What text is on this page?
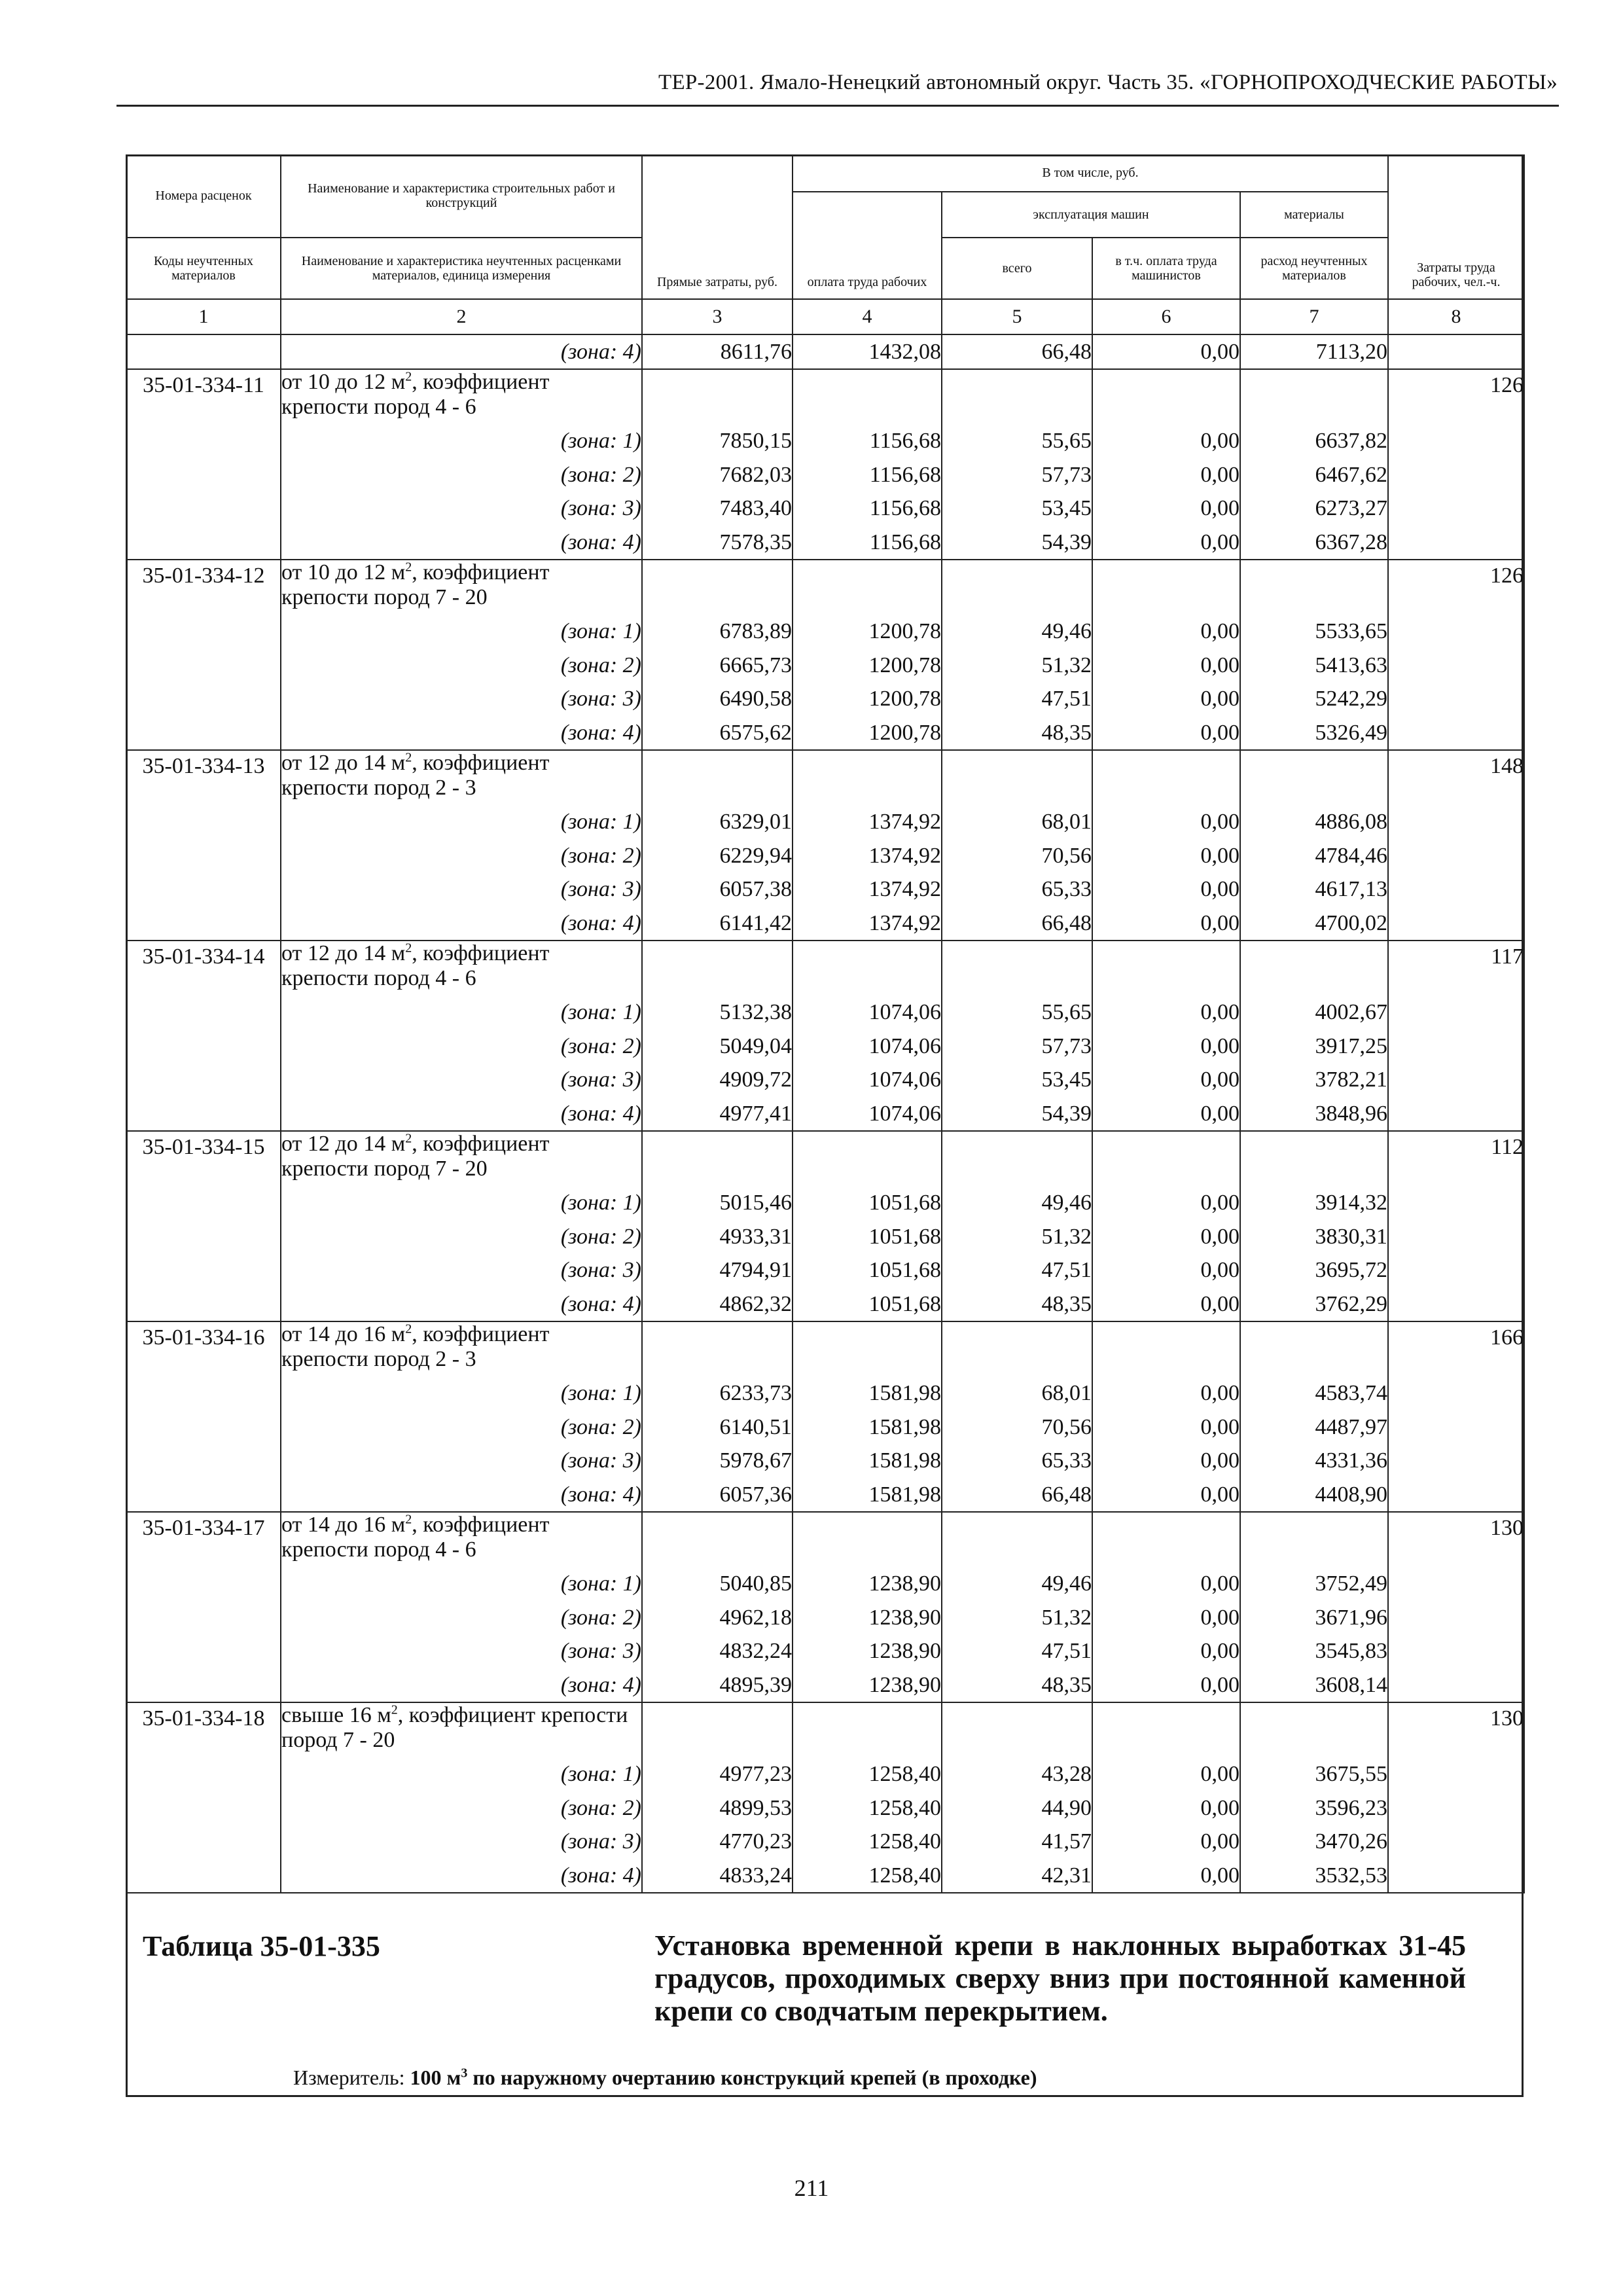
ТЕР-2001. Ямало-Ненецкий автономный округ. Часть 35. «ГОРНОПРОХОДЧЕСКИЕ РАБОТЫ»
Номера расценок	Наименование и характеристика строительных работ и конструкций	Прямые затраты, руб.	В том числе, руб.				Затраты труда рабочих, чел.-ч.
			оплата труда рабочих	эксплуатация машин		материалы	
Коды неучтенных материалов	Наименование и характеристика неучтенных расценками материалов, единица измерения			всего	в т.ч. оплата труда машинистов	расход неучтенных материалов	
1	2	3	4	5	6	7	8
	(зона: 4)	8611,76	1432,08	66,48	0,00	7113,20	
35-01-334-11	от 10 до 12 $м^2$, коэффициент крепости пород 4 - 6						126
	(зона: 1)	7850,15	1156,68	55,65	0,00	6637,82	
	(зона: 2)	7682,03	1156,68	57,73	0,00	6467,62	
	(зона: 3)	7483,40	1156,68	53,45	0,00	6273,27	
	(зона: 4)	7578,35	1156,68	54,39	0,00	6367,28	
35-01-334-12	от 10 до 12 $м^2$, коэффициент крепости пород 7 - 20						126
	(зона: 1)	6783,89	1200,78	49,46	0,00	5533,65	
	(зона: 2)	6665,73	1200,78	51,32	0,00	5413,63	
	(зона: 3)	6490,58	1200,78	47,51	0,00	5242,29	
	(зона: 4)	6575,62	1200,78	48,35	0,00	5326,49	
35-01-334-13	от 12 до 14 $м^2$, коэффициент крепости пород 2 - 3						148
	(зона: 1)	6329,01	1374,92	68,01	0,00	4886,08	
	(зона: 2)	6229,94	1374,92	70,56	0,00	4784,46	
	(зона: 3)	6057,38	1374,92	65,33	0,00	4617,13	
	(зона: 4)	6141,42	1374,92	66,48	0,00	4700,02	
35-01-334-14	от 12 до 14 $м^2$, коэффициент крепости пород 4 - 6						117
	(зона: 1)	5132,38	1074,06	55,65	0,00	4002,67	
	(зона: 2)	5049,04	1074,06	57,73	0,00	3917,25	
	(зона: 3)	4909,72	1074,06	53,45	0,00	3782,21	
	(зона: 4)	4977,41	1074,06	54,39	0,00	3848,96	
35-01-334-15	от 12 до 14 $м^2$, коэффициент крепости пород 7 - 20						112
	(зона: 1)	5015,46	1051,68	49,46	0,00	3914,32	
	(зона: 2)	4933,31	1051,68	51,32	0,00	3830,31	
	(зона: 3)	4794,91	1051,68	47,51	0,00	3695,72	
	(зона: 4)	4862,32	1051,68	48,35	0,00	3762,29	
35-01-334-16	от 14 до 16 $м^2$, коэффициент крепости пород 2 - 3						166
	(зона: 1)	6233,73	1581,98	68,01	0,00	4583,74	
	(зона: 2)	6140,51	1581,98	70,56	0,00	4487,97	
	(зона: 3)	5978,67	1581,98	65,33	0,00	4331,36	
	(зона: 4)	6057,36	1581,98	66,48	0,00	4408,90	
35-01-334-17	от 14 до 16 $м^2$, коэффициент крепости пород 4 - 6						130
	(зона: 1)	5040,85	1238,90	49,46	0,00	3752,49	
	(зона: 2)	4962,18	1238,90	51,32	0,00	3671,96	
	(зона: 3)	4832,24	1238,90	47,51	0,00	3545,83	
	(зона: 4)	4895,39	1238,90	48,35	0,00	3608,14	
35-01-334-18	свыше 16 $м^2$, коэффициент крепости пород 7 - 20						130
	(зона: 1)	4977,23	1258,40	43,28	0,00	3675,55	
	(зона: 2)	4899,53	1258,40	44,90	0,00	3596,23	
	(зона: 3)	4770,23	1258,40	41,57	0,00	3470,26	
	(зона: 4)	4833,24	1258,40	42,31	0,00	3532,53	

Таблица 35-01-335	Установка временной крепи в наклонных выработках 31-45 градусов, проходимых сверху вниз при постоянной каменной крепи со сводчатым перекрытием.
Измеритель: 100 $м^3$ по наружному очертанию конструкций крепей (в проходке)
211
